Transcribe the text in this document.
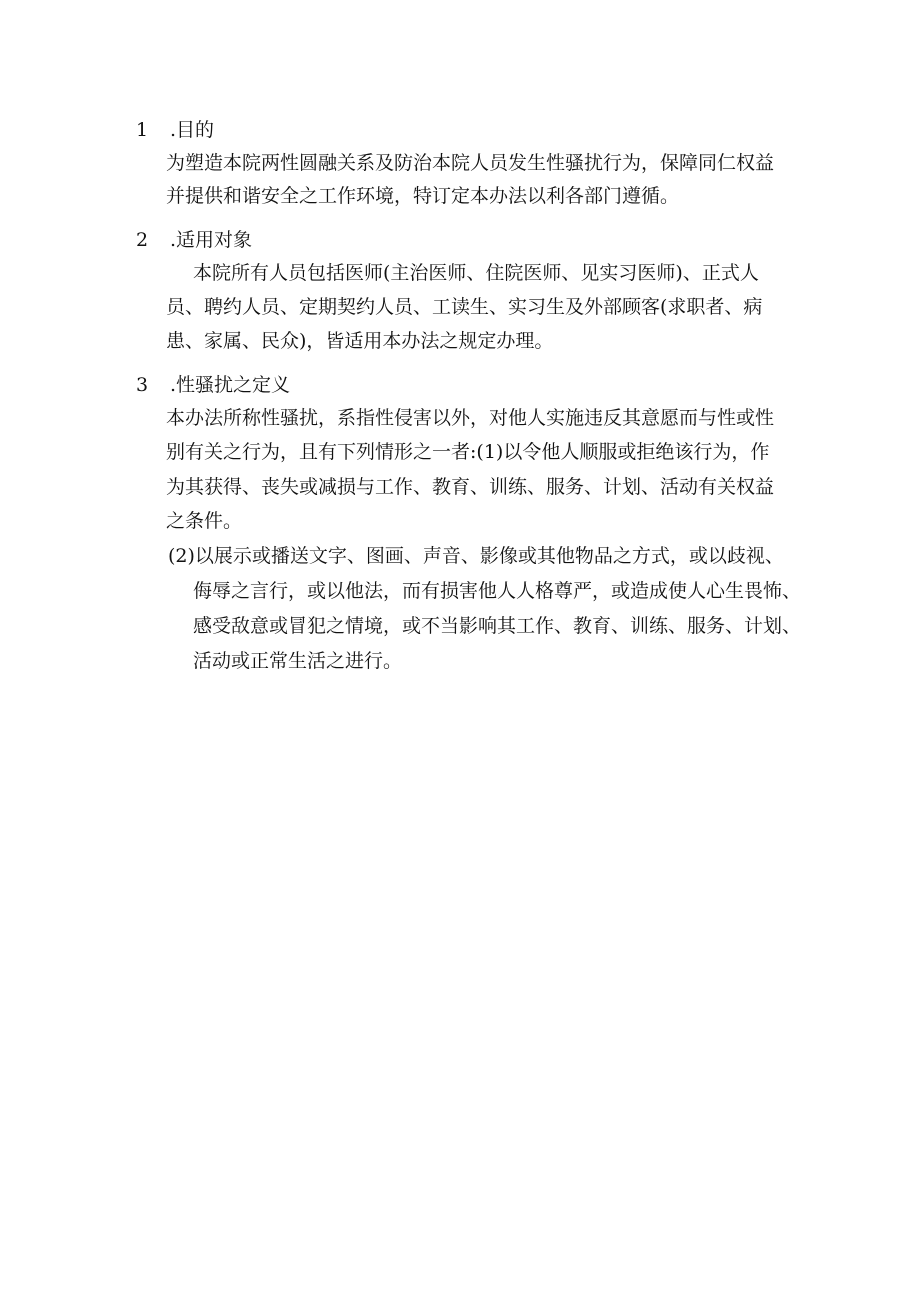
1 .目的
为塑造本院两性圆融关系及防治本院人员发生性骚扰行为，保障同仁权益
并提供和谐安全之工作环境，特订定本办法以利各部门遵循。
2 .适用对象
本院所有人员包括医师(主治医师、住院医师、见实习医师)、正式人
员、聘约人员、定期契约人员、工读生、实习生及外部顾客(求职者、病
患、家属、民众)，皆适用本办法之规定办理。
3 .性骚扰之定义
本办法所称性骚扰，系指性侵害以外，对他人实施违反其意愿而与性或性
别有关之行为，且有下列情形之一者:(1)以令他人顺服或拒绝该行为，作
为其获得、丧失或减损与工作、教育、训练、服务、计划、活动有关权益
之条件。
(2)以展示或播送文字、图画、声音、影像或其他物品之方式，或以歧视、
侮辱之言行，或以他法，而有损害他人人格尊严，或造成使人心生畏怖、
感受敌意或冒犯之情境，或不当影响其工作、教育、训练、服务、计划、
活动或正常生活之进行。
